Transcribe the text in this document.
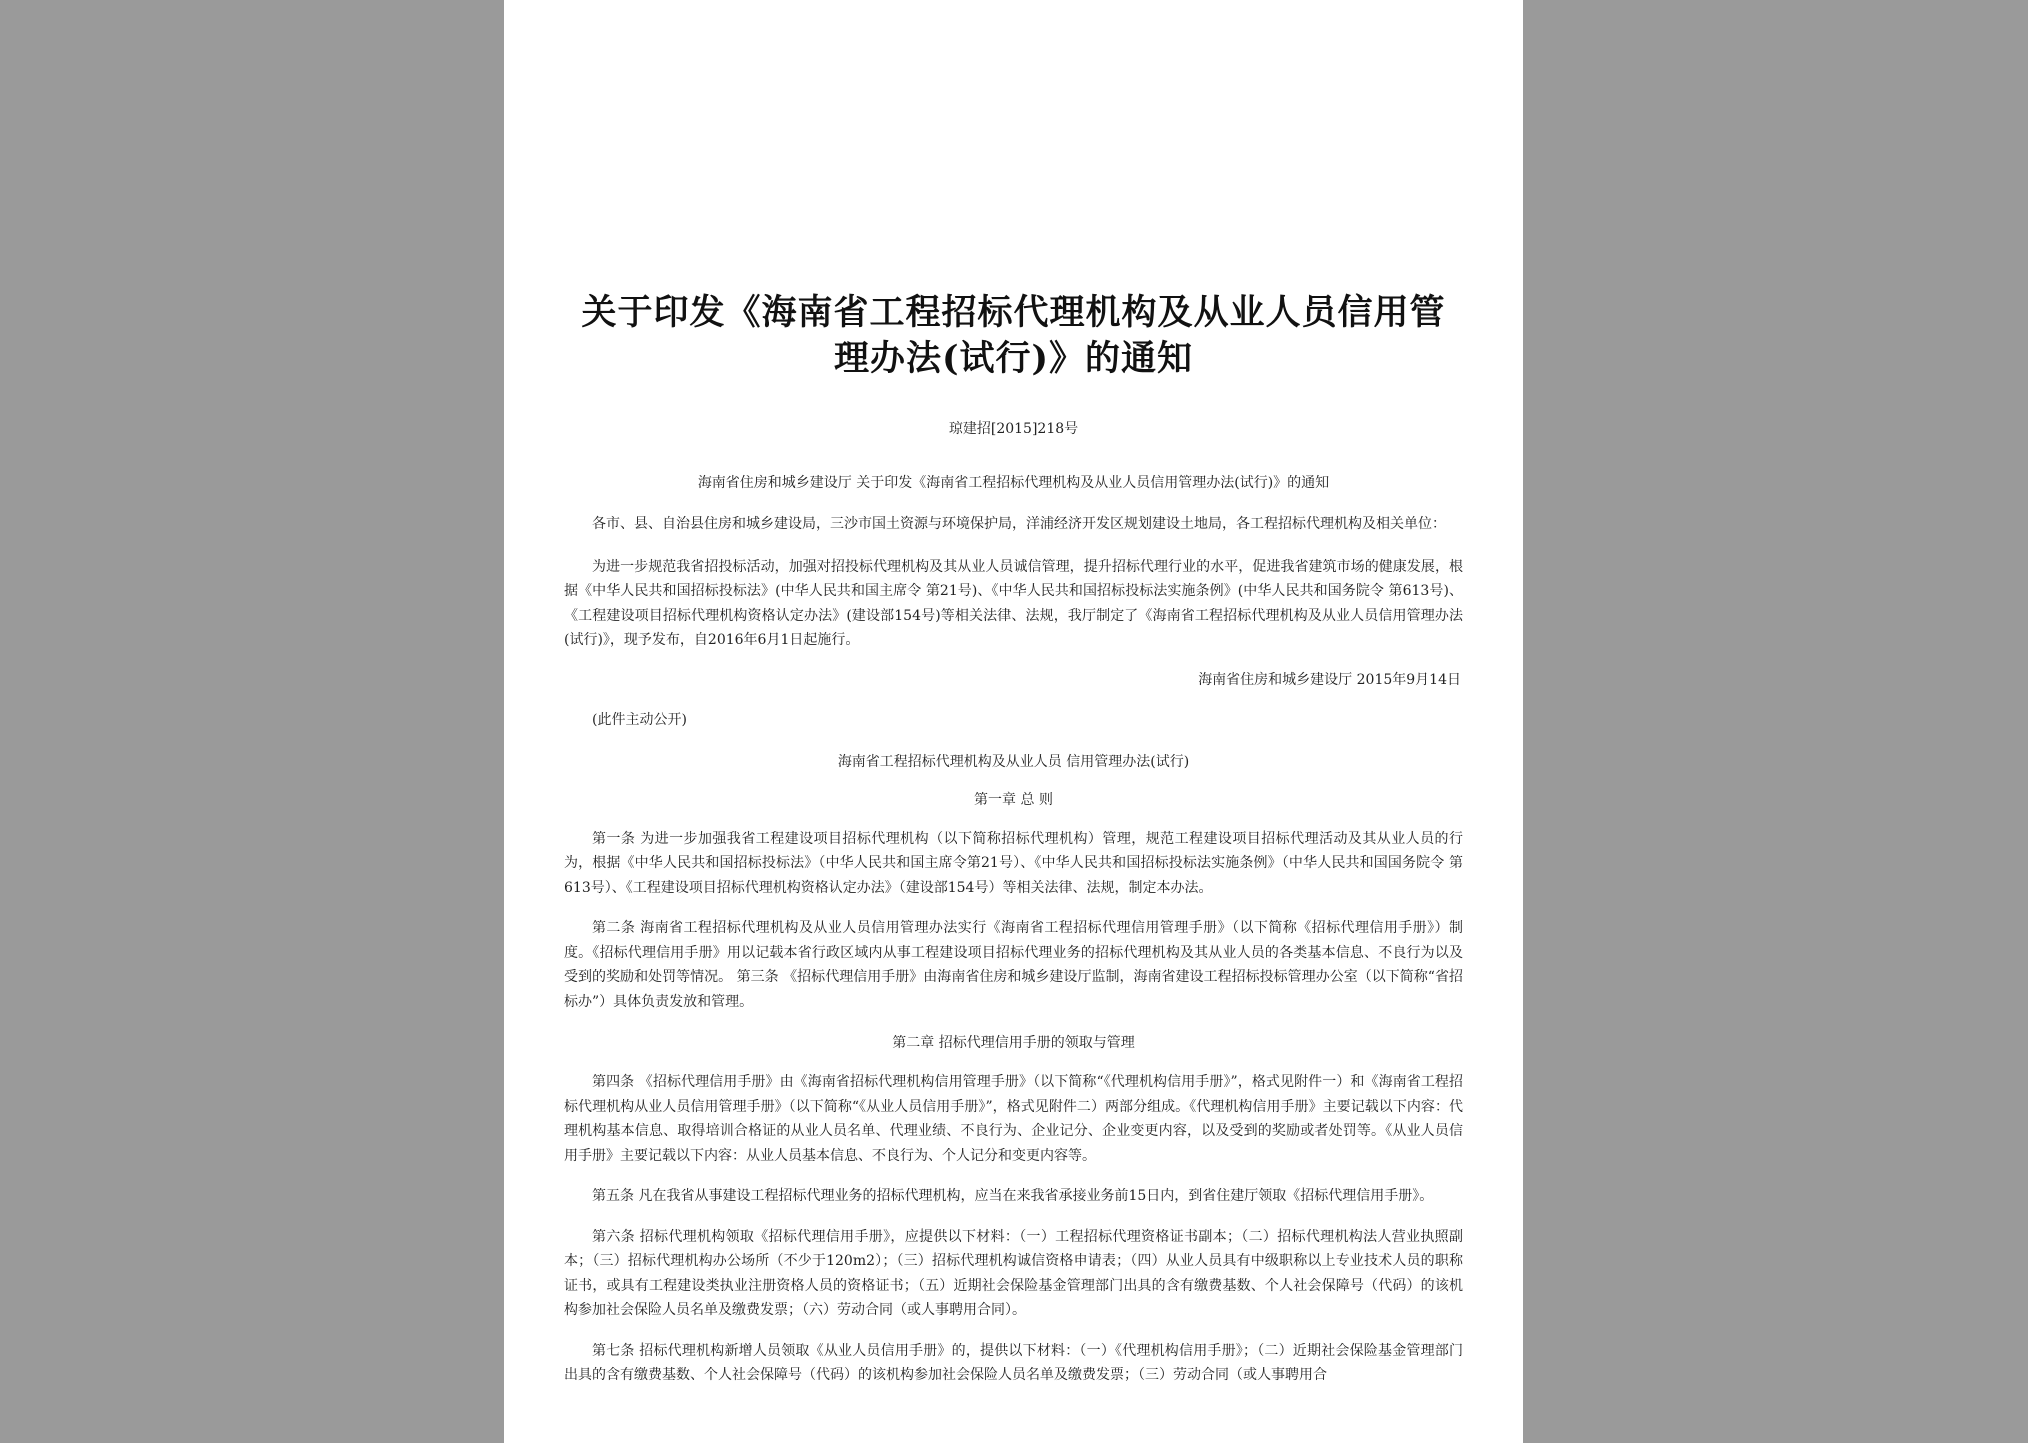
关于印发《海南省工程招标代理机构及从业人员信用管
理办法(试行)》的通知
琼建招[2015]218号
海南省住房和城乡建设厅 关于印发《海南省工程招标代理机构及从业人员信用管理办法(试行)》的通知

各市、县、自治县住房和城乡建设局，三沙市国土资源与环境保护局，洋浦经济开发区规划建设土地局，各工程招标代理机构及相关单位：

为进一步规范我省招投标活动，加强对招投标代理机构及其从业人员诚信管理，提升招标代理行业的水平，促进我省建筑市场的健康发展，根据《中华人民共和国招标投标法》(中华人民共和国主席令 第21号)、《中华人民共和国招标投标法实施条例》(中华人民共和国务院令 第613号)、《工程建设项目招标代理机构资格认定办法》(建设部154号)等相关法律、法规，我厅制定了《海南省工程招标代理机构及从业人员信用管理办法(试行)》，现予发布，自2016年6月1日起施行。

海南省住房和城乡建设厅 2015年9月14日
(此件主动公开)
海南省工程招标代理机构及从业人员 信用管理办法(试行)
第一章 总 则

第一条 为进一步加强我省工程建设项目招标代理机构（以下简称招标代理机构）管理，规范工程建设项目招标代理活动及其从业人员的行为，根据《中华人民共和国招标投标法》（中华人民共和国主席令第21号）、《中华人民共和国招标投标法实施条例》（中华人民共和国国务院令 第613号）、《工程建设项目招标代理机构资格认定办法》（建设部154号）等相关法律、法规，制定本办法。

第二条 海南省工程招标代理机构及从业人员信用管理办法实行《海南省工程招标代理信用管理手册》（以下简称《招标代理信用手册》）制度。《招标代理信用手册》用以记载本省行政区域内从事工程建设项目招标代理业务的招标代理机构及其从业人员的各类基本信息、不良行为以及受到的奖励和处罚等情况。 第三条 《招标代理信用手册》由海南省住房和城乡建设厅监制，海南省建设工程招标投标管理办公室（以下简称“省招标办”）具体负责发放和管理。

第二章 招标代理信用手册的领取与管理

第四条 《招标代理信用手册》由《海南省招标代理机构信用管理手册》（以下简称“《代理机构信用手册》”，格式见附件一）和《海南省工程招标代理机构从业人员信用管理手册》（以下简称“《从业人员信用手册》”，格式见附件二）两部分组成。《代理机构信用手册》主要记载以下内容：代理机构基本信息、取得培训合格证的从业人员名单、代理业绩、不良行为、企业记分、企业变更内容，以及受到的奖励或者处罚等。《从业人员信用手册》主要记载以下内容：从业人员基本信息、不良行为、个人记分和变更内容等。

第五条 凡在我省从事建设工程招标代理业务的招标代理机构，应当在来我省承接业务前15日内，到省住建厅领取《招标代理信用手册》。

第六条 招标代理机构领取《招标代理信用手册》，应提供以下材料：（一）工程招标代理资格证书副本；（二）招标代理机构法人营业执照副本；（三）招标代理机构办公场所（不少于120m2）；（三）招标代理机构诚信资格申请表；（四）从业人员具有中级职称以上专业技术人员的职称证书，或具有工程建设类执业注册资格人员的资格证书；（五）近期社会保险基金管理部门出具的含有缴费基数、个人社会保障号（代码）的该机构参加社会保险人员名单及缴费发票；（六）劳动合同（或人事聘用合同）。

第七条 招标代理机构新增人员领取《从业人员信用手册》的，提供以下材料：（一）《代理机构信用手册》；（二）近期社会保险基金管理部门出具的含有缴费基数、个人社会保障号（代码）的该机构参加社会保险人员名单及缴费发票；（三）劳动合同（或人事聘用合
